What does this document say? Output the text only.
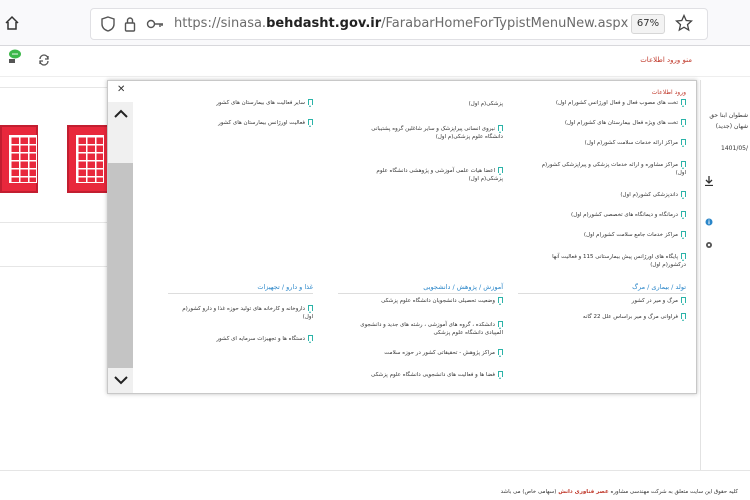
https://sinasa.behdasht.gov.ir/FarabarHomeForTypistMenuNew.aspx 67%
منو ورود اطلاعات
شطوان ابنا حق
شهان (جدید)
1401/05/
✕	ورود اطلاعات
تخت های مصوب فعال و فعال اورژانس کشور(م اول)
تخت های ویژه فعال بیمارستان های کشور(م اول)
مراکز ارائه خدمات سلامت کشور(م اول)
مراکز مشاوره و ارائه خدمات پزشکی و پیراپزشکی کشور(م اول)
داندپزشکی کشور(م اول)
درمانگاه و دیمانگاه های تخصصی کشور(م اول)
مراکز خدمات جامع سلامت کشور(م اول)
پایگاه های اورژانس پیش بیمارستانی 115 و فعالیت آنها درکشور(م اول)
پزشکی(م اول)
نیروی انسانی پیراپزشک و سایر شاغلین گروه پشتیبانی دانشگاه علوم پزشکی(م اول)
اعضا هیات علمی آموزشی و پژوهشی دانشگاه علوم پزشکی(م اول)
سایر فعالیت های بیمارستان های کشور
فعالیت اورژانس بیمارستان های کشور
تولد / بیماری / مرگ
مرگ و میر در کشور
فراوانی مرگ و میر براساس علل 22 گانه
آموزش / پژوهش / دانشجویی
وضعیت تحصیلی دانشجویان دانشگاه علوم پزشکی
دانشکده ، گروه های آموزشی ، رشته های جدید و دانشجوی المپیادی دانشگاه علوم پزشکی
مراکز پژوهش - تحقیقاتی کشور در حوزه سلامت
فضا ها و فعالیت های دانشجویی دانشگاه علوم پزشکی
غذا و دارو / تجهیزات
داروخانه و کارخانه های تولید حوزه غذا و دارو کشور(م اول)
دستگاه ها و تجهیزات سرمایه ای کشور
کلیه حقوق این سایت متعلق به شرکت مهندسی مشاوره عصر فناوری دانش (سهامی خاص) می باشد
